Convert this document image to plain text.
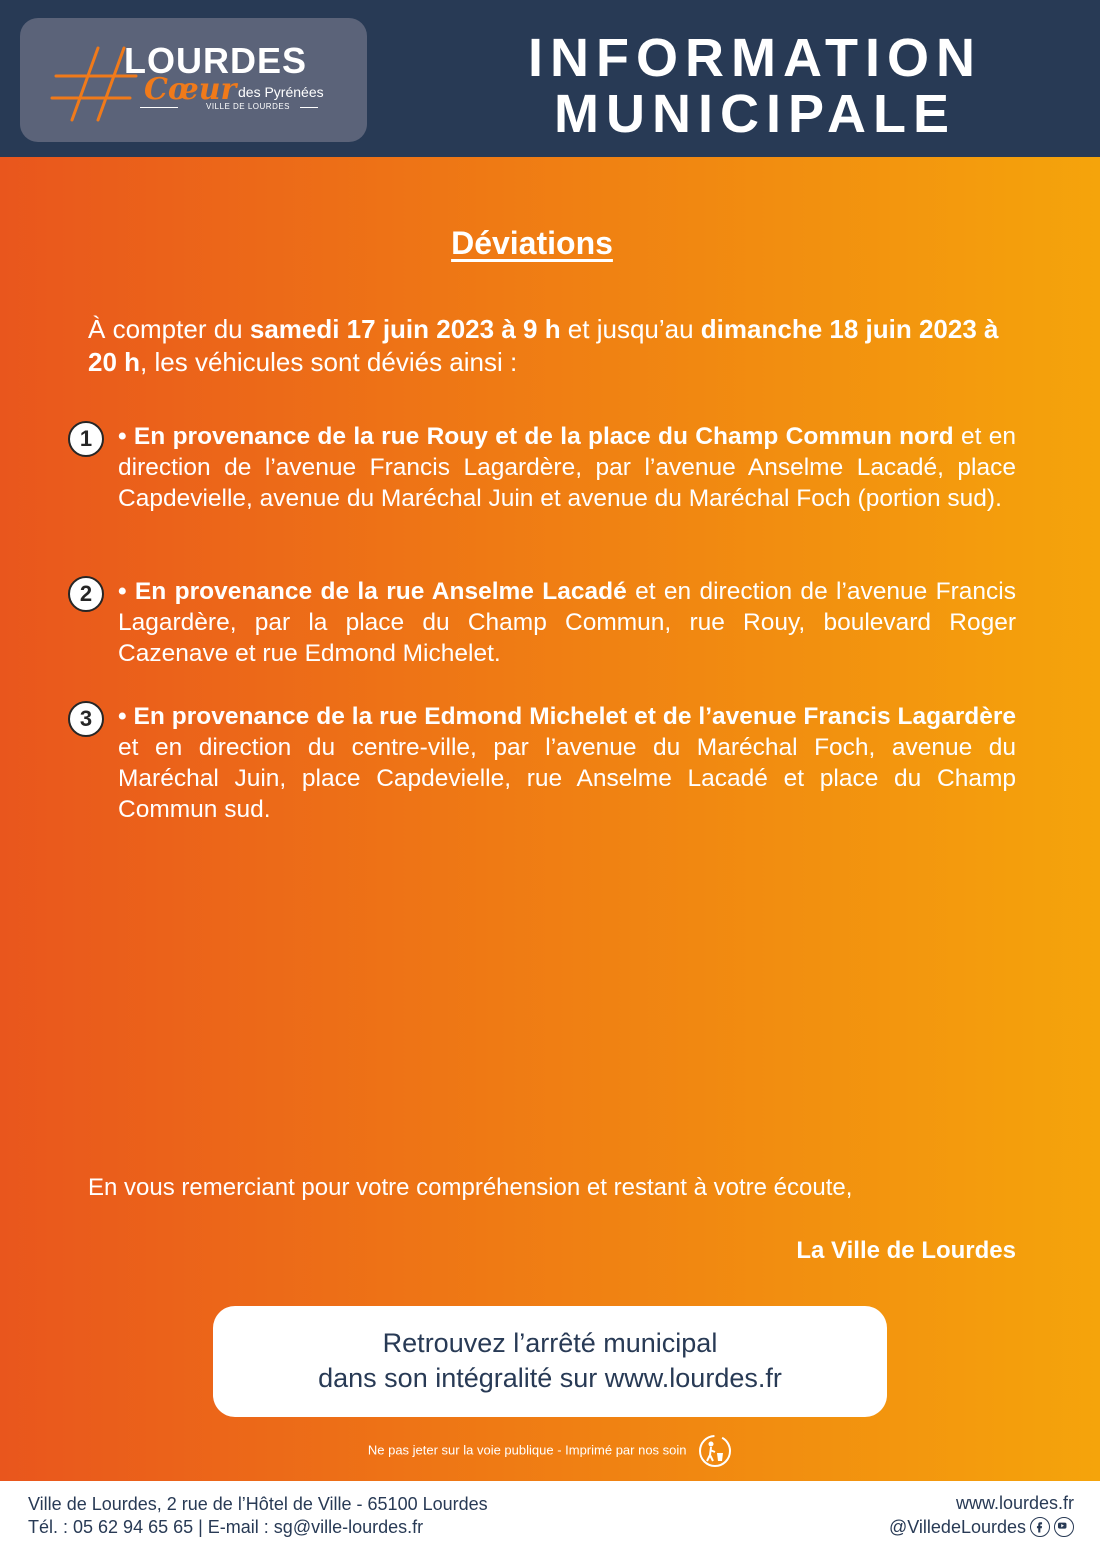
LOURDES
Cœur des Pyrénées
VILLE DE LOURDES
INFORMATION
MUNICIPALE
Déviations

À compter du samedi 17 juin 2023 à 9 h et jusqu’au dimanche 18 juin 2023 à 20 h, les véhicules sont déviés ainsi :

1	• En provenance de la rue Rouy et de la place du Champ Commun nord et en direction de l’avenue Francis Lagardère, par l’avenue Anselme Lacadé, place Capdevielle, avenue du Maréchal Juin et avenue du Maréchal Foch (portion sud).

2	• En provenance de la rue Anselme Lacadé et en direction de l’avenue Francis Lagardère, par la place du Champ Commun, rue Rouy, boulevard Roger Cazenave et rue Edmond Michelet.

3	• En provenance de la rue Edmond Michelet et de l’avenue Francis Lagardère et en direction du centre-ville, par l’avenue du Maréchal Foch, avenue du Maréchal Juin, place Capdevielle, rue Anselme Lacadé et place du Champ Commun sud.

En vous remerciant pour votre compréhension et restant à votre écoute,

La Ville de Lourdes

Retrouvez l’arrêté municipal
dans son intégralité sur www.lourdes.fr
Ne pas jeter sur la voie publique - Imprimé par nos soin
Ville de Lourdes, 2 rue de l’Hôtel de Ville - 65100 Lourdes
Tél. : 05 62 94 65 65 | E-mail : sg@ville-lourdes.fr
www.lourdes.fr
@VilledeLourdes
